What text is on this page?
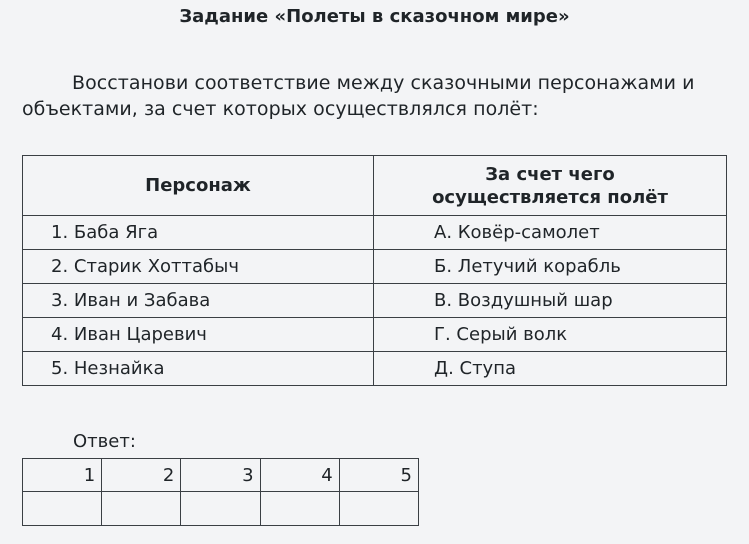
Задание «Полеты в сказочном мире»
Восстанови соответствие между сказочными персонажами и объектами, за счет которых осуществлялся полёт:
Персонаж	За счет чего осуществляется полёт
1. Баба Яга	А. Ковёр-самолет
2. Старик Хоттабыч	Б. Летучий корабль
3. Иван и Забава	В. Воздушный шар
4. Иван Царевич	Г. Серый волк
5. Незнайка	Д. Ступа
Ответ:
1	2	3	4	5
